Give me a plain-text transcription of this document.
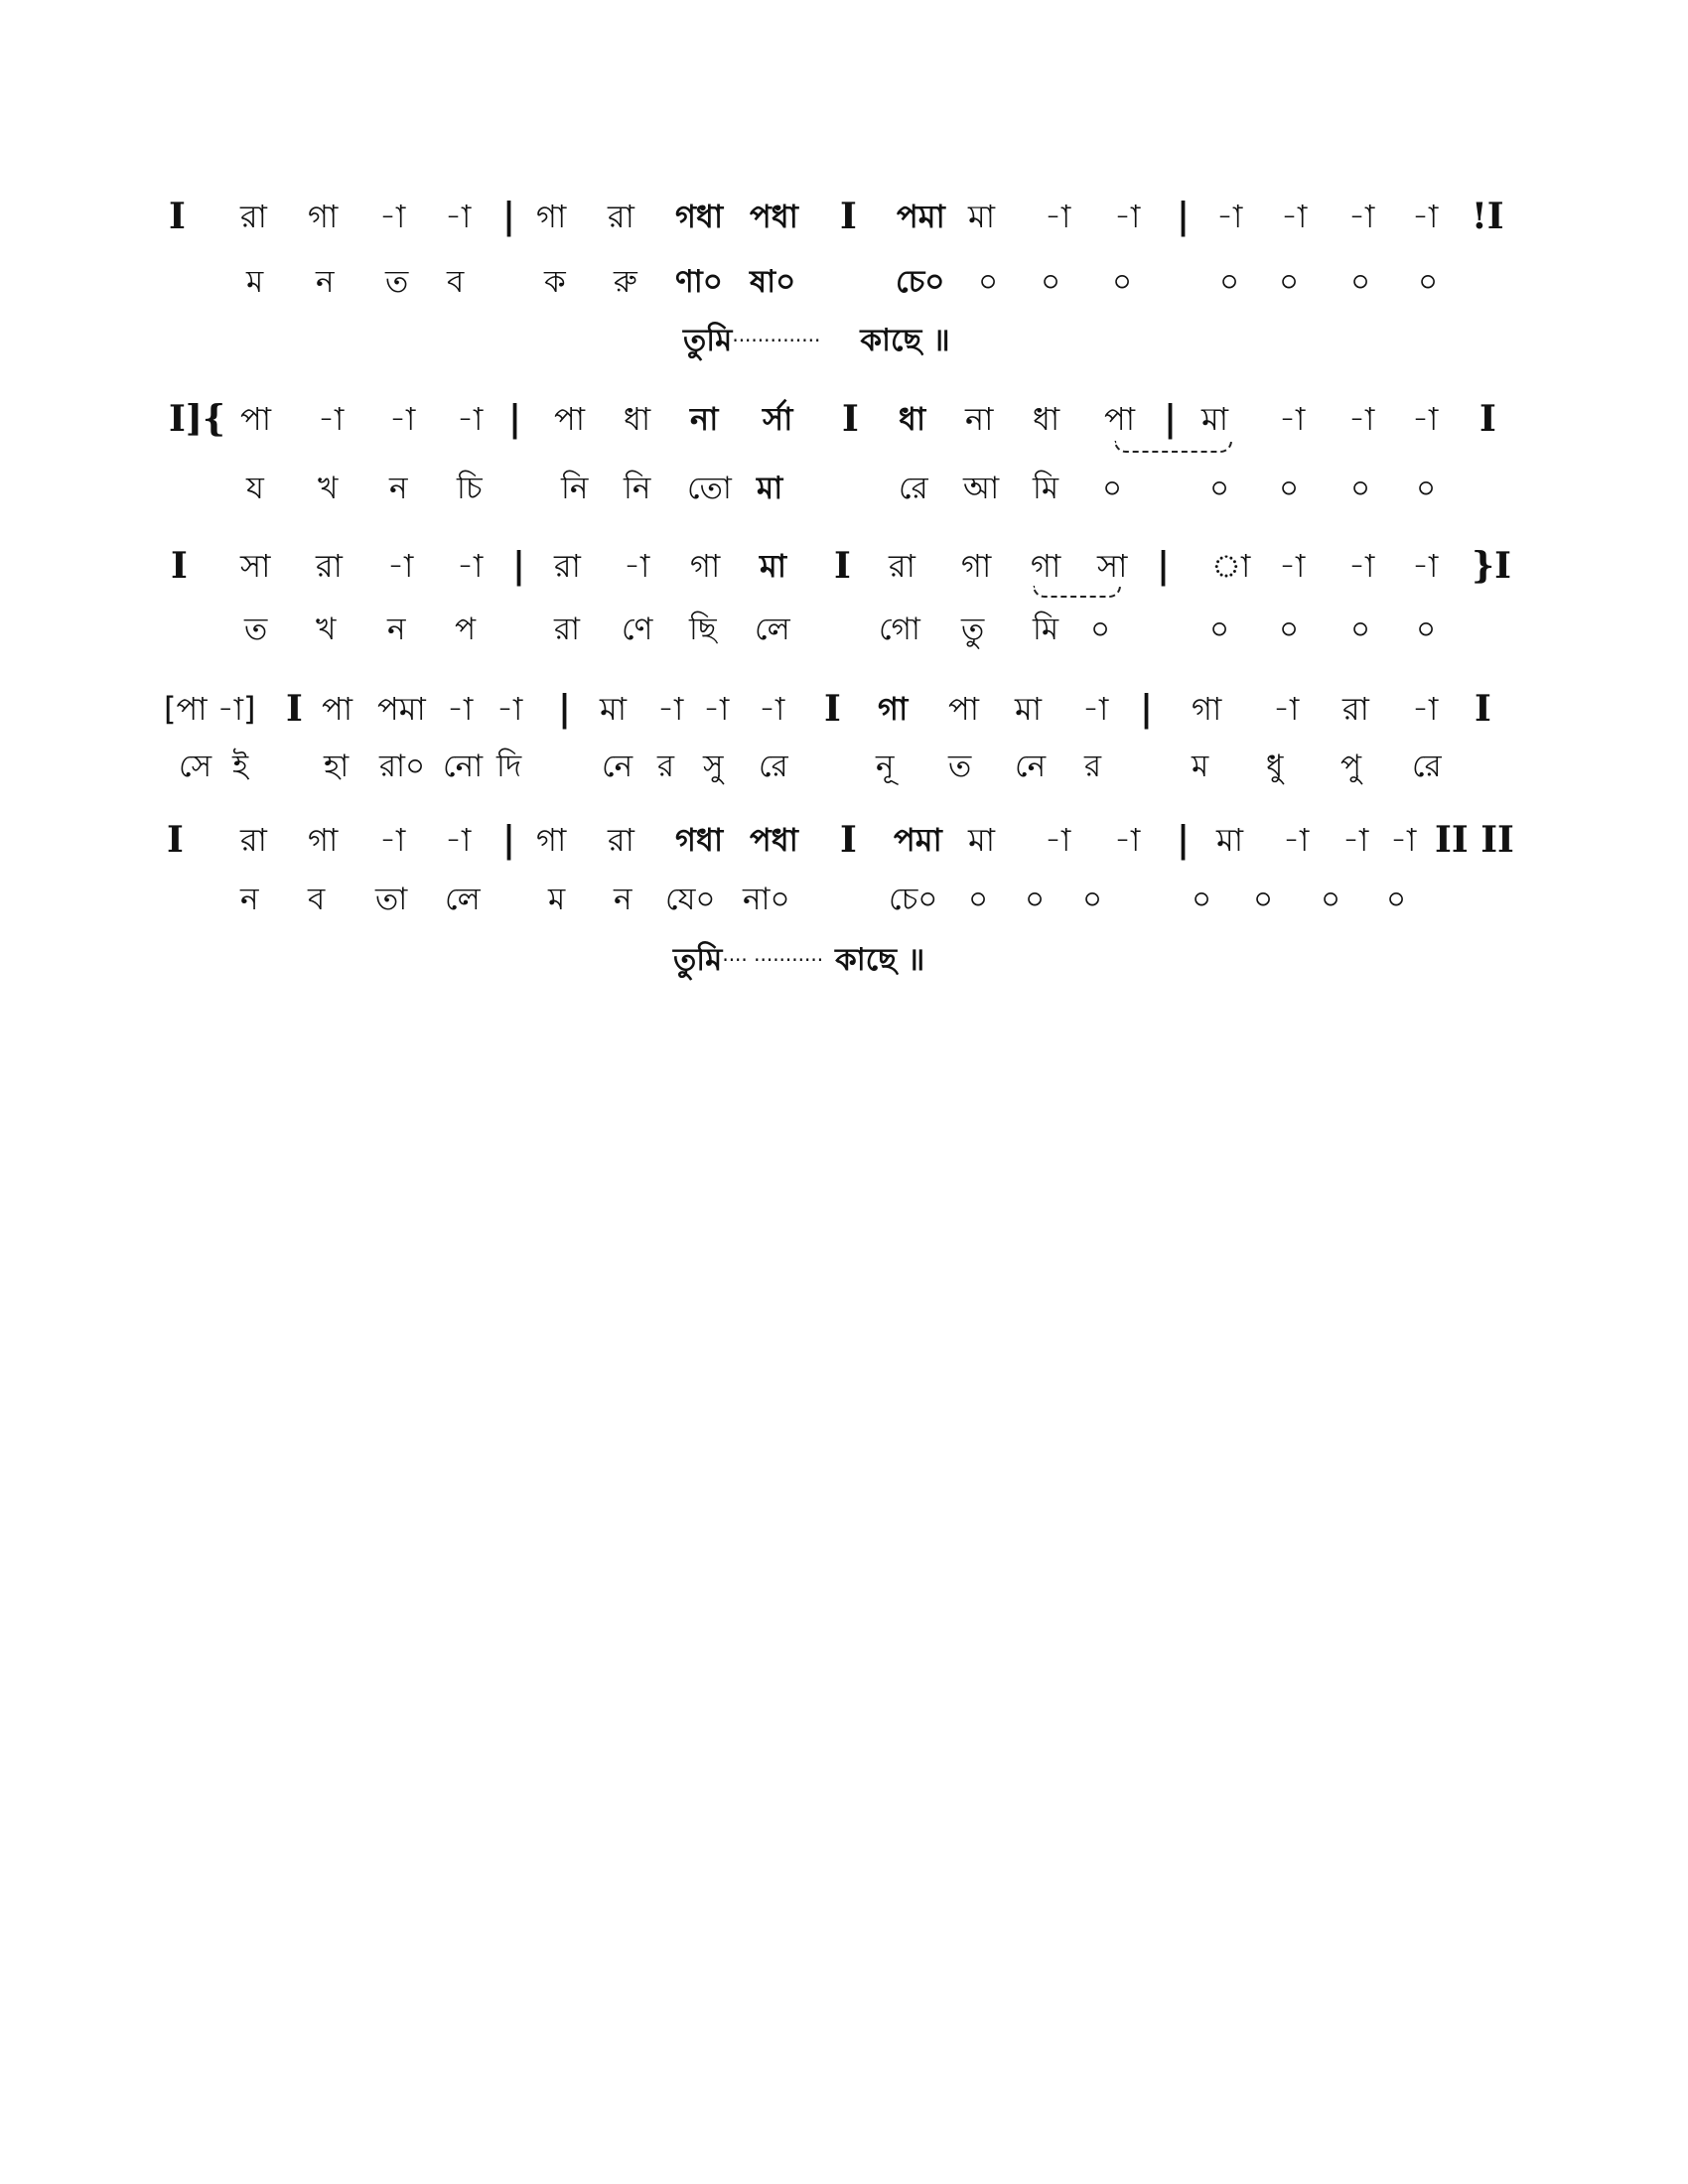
I রা গা -া -া | গা রা গধা পধা I পমা মা -া -া | -া -া -া -া !I
ম ন ত ব	ক রু ণা০ ষা০	চে০ ০ ০ ০	০ ০ ০ ০
তুমি·············· কাছে ॥
I]{ পা -া -া -া | পা ধা না র্সা I ধা না ধা পা | মা -া -া -া I
য খ ন চি	নি নি তো মা	রে আ মি ০	০ ০ ০ ০
I সা রা -া -া | রা -া গা মা I রা গা গা সা | া -া -া -া }I
ত খ ন প	রা ণে ছি লে	গো তু মি ০	০ ০ ০ ০
[পা -া] I পা পমা -া -া | মা -া -া -া I গা পা মা -া | গা -া রা -া I
সে ই হা রা০ নো দি	নে র সু রে	নূ ত নে র	ম ধু পু রে
I রা গা -া -া | গা রা গধা পধা I পমা মা -া -া | মা -া -া -া II II
ন ব তা লে ম ন যে০ না০	চে০ ০ ০ ০	০ ০ ০ ০
তুমি···· ··········· কাছে ॥
